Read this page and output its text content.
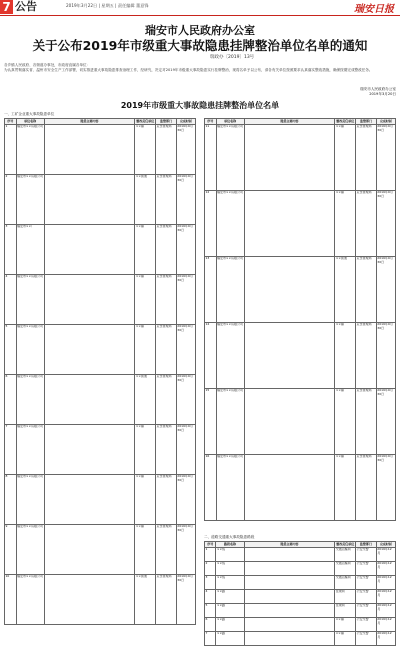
7 公告	2019年3月22日 | 星期五 | 责任编辑 董意锋	瑞安日报
瑞安市人民政府办公室
关于公布2019年市级重大事故隐患挂牌整治单位名单的通知
瑞政办〔2019〕13号

各乡镇人民政府、各街道办事处，市政府直属各单位：

为认真贯彻落实省、温州市安全生产工作部署，切实推进重大事故隐患排查治理工作，经研究，决定对2019年市级重大事故隐患实行挂牌整治，现将名单予以公布，请各有关单位按照要求认真落实整改措施，确保按期完成整改任务。

瑞安市人民政府办公室
2019年3月20日
2019年市级重大事故隐患挂牌整治单位名单
一、工矿企业重大事故隐患单位
序号	单位名称	隐患主要内容	整改责任单位	监管部门	完成时间
1	瑞安市××有限公司		××镇	应急管理局	2019年9月30日
2	瑞安市××有限公司		××街道	应急管理局	2019年9月30日
3	瑞安市××厂		××镇	应急管理局	2019年9月30日
4	瑞安市××有限公司		××镇	应急管理局	2019年9月30日
5	瑞安市××有限公司		××镇	应急管理局	2019年9月30日
6	瑞安市××有限公司		××街道	应急管理局	2019年9月30日
7	瑞安市××有限公司		××镇	应急管理局	2019年9月30日
8	瑞安市××有限公司		××镇	应急管理局	2019年9月30日
9	瑞安市××有限公司		××镇	应急管理局	2019年9月30日
10	瑞安市××有限公司		××街道	应急管理局	2019年9月30日
序号	单位名称	隐患主要内容	整改责任单位	监管部门	完成时间
11	瑞安市××有限公司		××镇	应急管理局	2019年9月30日
12	瑞安市××有限公司		××镇	应急管理局	2019年9月30日
13	瑞安市××有限公司		××街道	应急管理局	2019年9月30日
14	瑞安市××有限公司		××镇	应急管理局	2019年9月30日
15	瑞安市××有限公司		××镇	应急管理局	2019年9月30日
16	瑞安市××有限公司		××镇	应急管理局	2019年9月30日
二、道路交通重大事故隐患路段
序号	路段名称	隐患主要内容	整改责任单位	监管部门	完成时间
1	××线		交通运输局	公安交警	2019年12月
2	××线		交通运输局	公安交警	2019年12月
3	××线		交通运输局	公安交警	2019年12月
4	××路		住建局	公安交警	2019年12月
5	××路		住建局	公安交警	2019年12月
6	××路		××镇	公安交警	2019年12月
7	××路		××镇	公安交警	2019年12月
